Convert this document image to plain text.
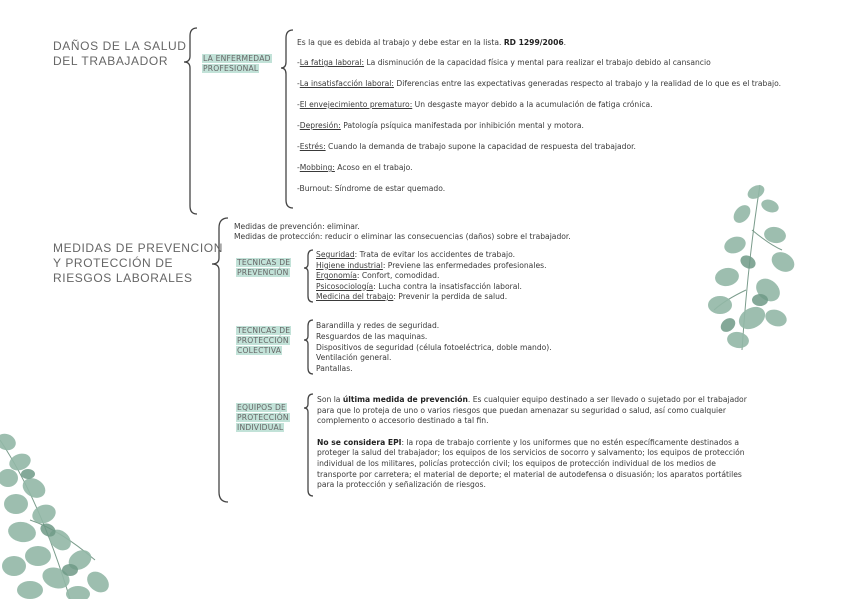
DAÑOS DE LA SALUD
DEL TRABAJADOR	LA ENFERMEDAD
PROFESIONAL

Es la que es debida al trabajo y debe estar en la lista. RD 1299/2006.

-La fatiga laboral: La disminución de la capacidad física y mental para realizar el trabajo debido al cansancio

-La insatisfacción laboral: Diferencias entre las expectativas generadas respecto al trabajo y la realidad de lo que es el trabajo.

-El envejecimiento prematuro: Un desgaste mayor debido a la acumulación de fatiga crónica.

-Depresión: Patología psíquica manifestada por inhibición mental y motora.

-Estrés: Cuando la demanda de trabajo supone la capacidad de respuesta del trabajador.

-Mobbing: Acoso en el trabajo.

-Burnout: Síndrome de estar quemado.

MEDIDAS DE PREVENCION
Y PROTECCIÓN DE
RIESGOS LABORALES

Medidas de prevención: eliminar.

Medidas de protección: reducir o eliminar las consecuencias (daños) sobre el trabajador.

TECNICAS DE
PREVENCIÓN

Seguridad: Trata de evitar los accidentes de trabajo.

Higiene industrial: Previene las enfermedades profesionales.

Ergonomía: Confort, comodidad.

Psicosociología: Lucha contra la insatisfacción laboral.

Medicina del trabajo: Prevenir la perdida de salud.

TECNICAS DE
PROTECCIÓN
COLECTIVA

Barandilla y redes de seguridad.

Resguardos de las maquinas.

Dispositivos de seguridad (célula fotoeléctrica, doble mando).

Ventilación general.

Pantallas.

EQUIPOS DE
PROTECCIÓN
INDIVIDUAL

Son la última medida de prevención. Es cualquier equipo destinado a ser llevado o sujetado por el trabajador para que lo proteja de uno o varios riesgos que puedan amenazar su seguridad o salud, así como cualquier complemento o accesorio destinado a tal fin.

No se considera EPI: la ropa de trabajo corriente y los uniformes que no estén específicamente destinados a proteger la salud del trabajador; los equipos de los servicios de socorro y salvamento; los equipos de protección individual de los militares, policías protección civil; los equipos de protección individual de los medios de transporte por carretera; el material de deporte; el material de autodefensa o disuasión; los aparatos portátiles para la protección y señalización de riesgos.
